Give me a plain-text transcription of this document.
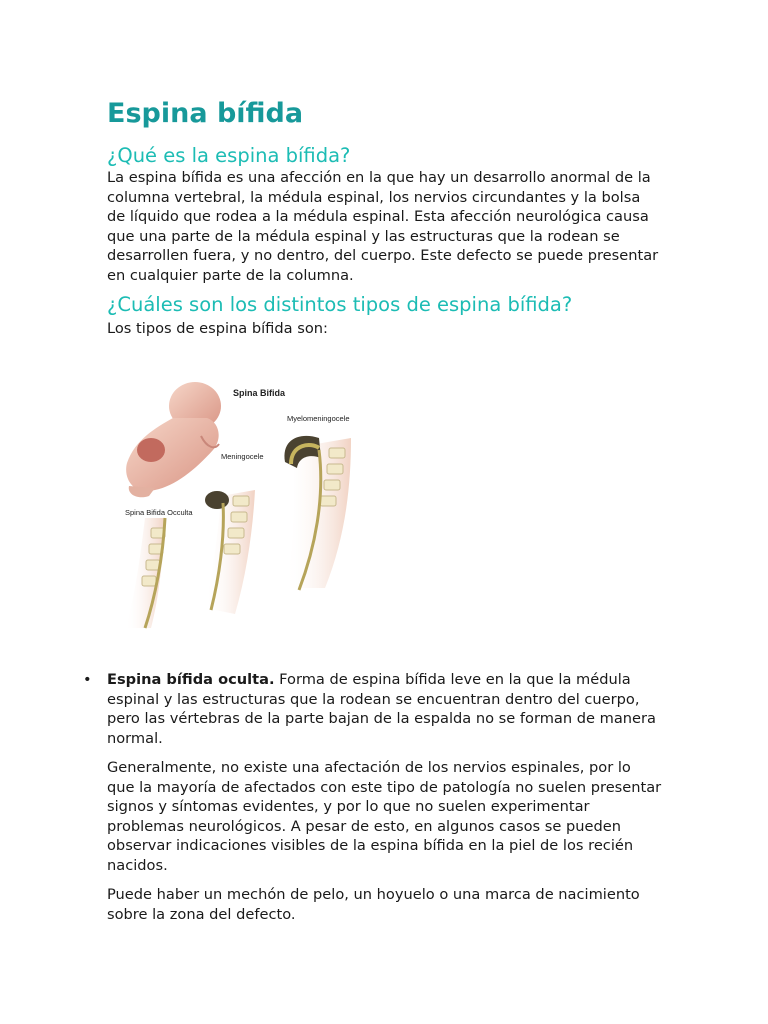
Espina bífida
¿Qué es la espina bífida?

La espina bífida es una afección en la que hay un desarrollo anormal de la columna vertebral, la médula espinal, los nervios circundantes y la bolsa de líquido que rodea a la médula espinal. Esta afección neurológica causa que una parte de la médula espinal y las estructuras que la rodean se desarrollen fuera, y no dentro, del cuerpo. Este defecto se puede presentar en cualquier parte de la columna.

¿Cuáles son los distintos tipos de espina bífida?

Los tipos de espina bífida son:

Spina Bifida
Myelomeningocele
Meningocele
Spina Bifida Occulta
• Espina bífida oculta. Forma de espina bífida leve en la que la médula espinal y las estructuras que la rodean se encuentran dentro del cuerpo, pero las vértebras de la parte bajan de la espalda no se forman de manera normal.
Generalmente, no existe una afectación de los nervios espinales, por lo que la mayoría de afectados con este tipo de patología no suelen presentar signos y síntomas evidentes, y por lo que no suelen experimentar problemas neurológicos. A pesar de esto, en algunos casos se pueden observar indicaciones visibles de la espina bífida en la piel de los recién nacidos.
Puede haber un mechón de pelo, un hoyuelo o una marca de nacimiento sobre la zona del defecto.
